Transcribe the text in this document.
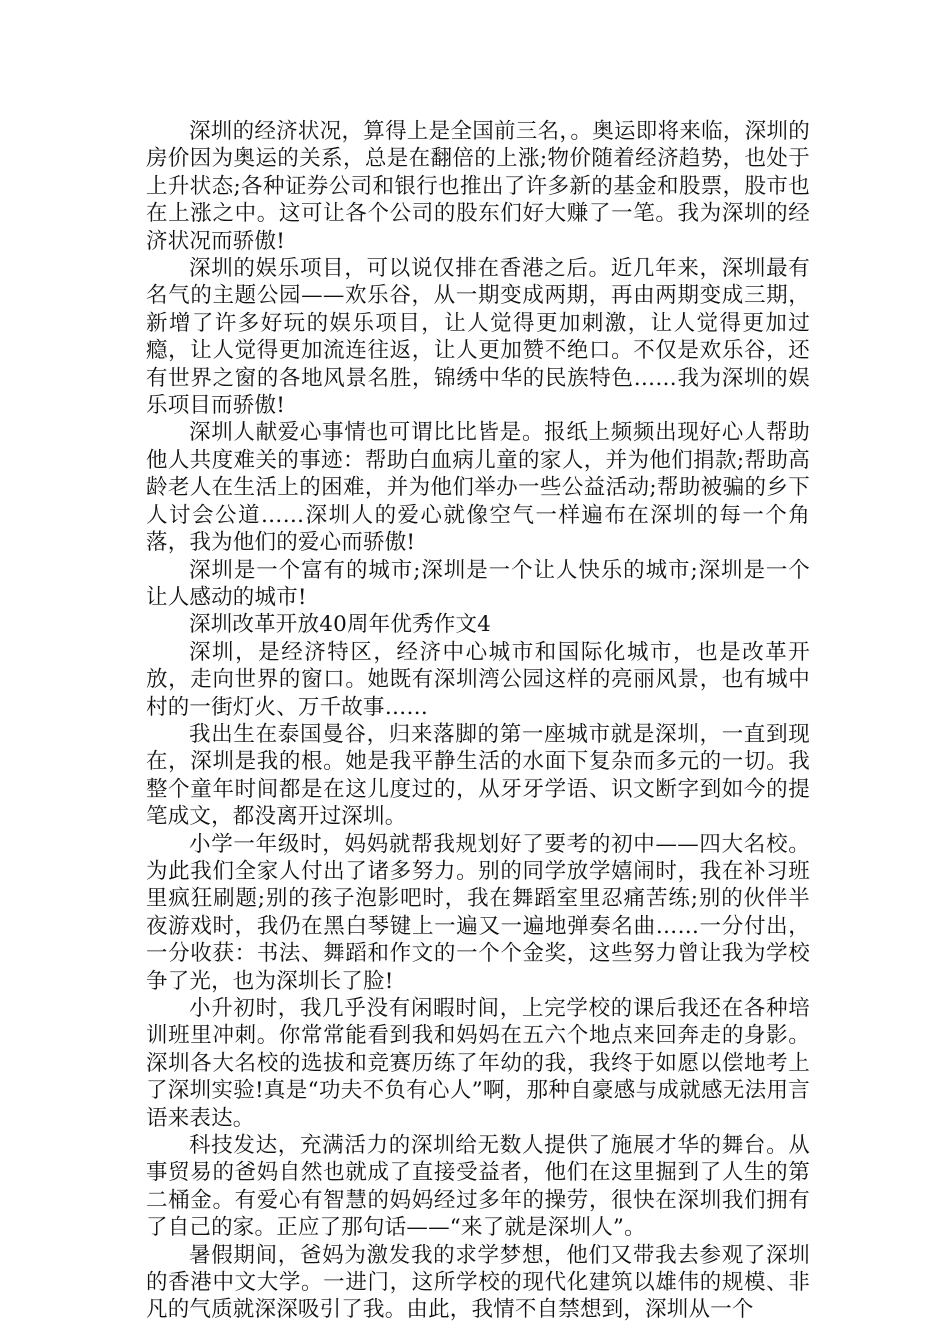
深圳的经济状况，算得上是全国前三名，。奥运即将来临，深圳的房价因为奥运的关系，总是在翻倍的上涨;物价随着经济趋势，也处于上升状态;各种证券公司和银行也推出了许多新的基金和股票，股市也在上涨之中。这可让各个公司的股东们好大赚了一笔。我为深圳的经济状况而骄傲!

深圳的娱乐项目，可以说仅排在香港之后。近几年来，深圳最有名气的主题公园——欢乐谷，从一期变成两期，再由两期变成三期，新增了许多好玩的娱乐项目，让人觉得更加刺激，让人觉得更加过瘾，让人觉得更加流连往返，让人更加赞不绝口。不仅是欢乐谷，还有世界之窗的各地风景名胜，锦绣中华的民族特色……我为深圳的娱乐项目而骄傲!

深圳人献爱心事情也可谓比比皆是。报纸上频频出现好心人帮助他人共度难关的事迹：帮助白血病儿童的家人，并为他们捐款;帮助高龄老人在生活上的困难，并为他们举办一些公益活动;帮助被骗的乡下人讨会公道……深圳人的爱心就像空气一样遍布在深圳的每一个角落，我为他们的爱心而骄傲!

深圳是一个富有的城市;深圳是一个让人快乐的城市;深圳是一个让人感动的城市!

深圳改革开放40周年优秀作文4

深圳，是经济特区，经济中心城市和国际化城市，也是改革开放，走向世界的窗口。她既有深圳湾公园这样的亮丽风景，也有城中村的一街灯火、万千故事……

我出生在泰国曼谷，归来落脚的第一座城市就是深圳，一直到现在，深圳是我的根。她是我平静生活的水面下复杂而多元的一切。我整个童年时间都是在这儿度过的，从牙牙学语、识文断字到如今的提笔成文，都没离开过深圳。

小学一年级时，妈妈就帮我规划好了要考的初中——四大名校。为此我们全家人付出了诸多努力。别的同学放学嬉闹时，我在补习班里疯狂刷题;别的孩子泡影吧时，我在舞蹈室里忍痛苦练;别的伙伴半夜游戏时，我仍在黑白琴键上一遍又一遍地弹奏名曲……一分付出，一分收获：书法、舞蹈和作文的一个个金奖，这些努力曾让我为学校争了光，也为深圳长了脸!

小升初时，我几乎没有闲暇时间，上完学校的课后我还在各种培训班里冲刺。你常常能看到我和妈妈在五六个地点来回奔走的身影。深圳各大名校的选拔和竞赛历练了年幼的我，我终于如愿以偿地考上了深圳实验!真是“功夫不负有心人”啊，那种自豪感与成就感无法用言语来表达。

科技发达，充满活力的深圳给无数人提供了施展才华的舞台。从事贸易的爸妈自然也就成了直接受益者，他们在这里掘到了人生的第二桶金。有爱心有智慧的妈妈经过多年的操劳，很快在深圳我们拥有了自己的家。正应了那句话——“来了就是深圳人”。

暑假期间，爸妈为激发我的求学梦想，他们又带我去参观了深圳的香港中文大学。一进门，这所学校的现代化建筑以雄伟的规模、非凡的气质就深深吸引了我。由此，我情不自禁想到，深圳从一个
